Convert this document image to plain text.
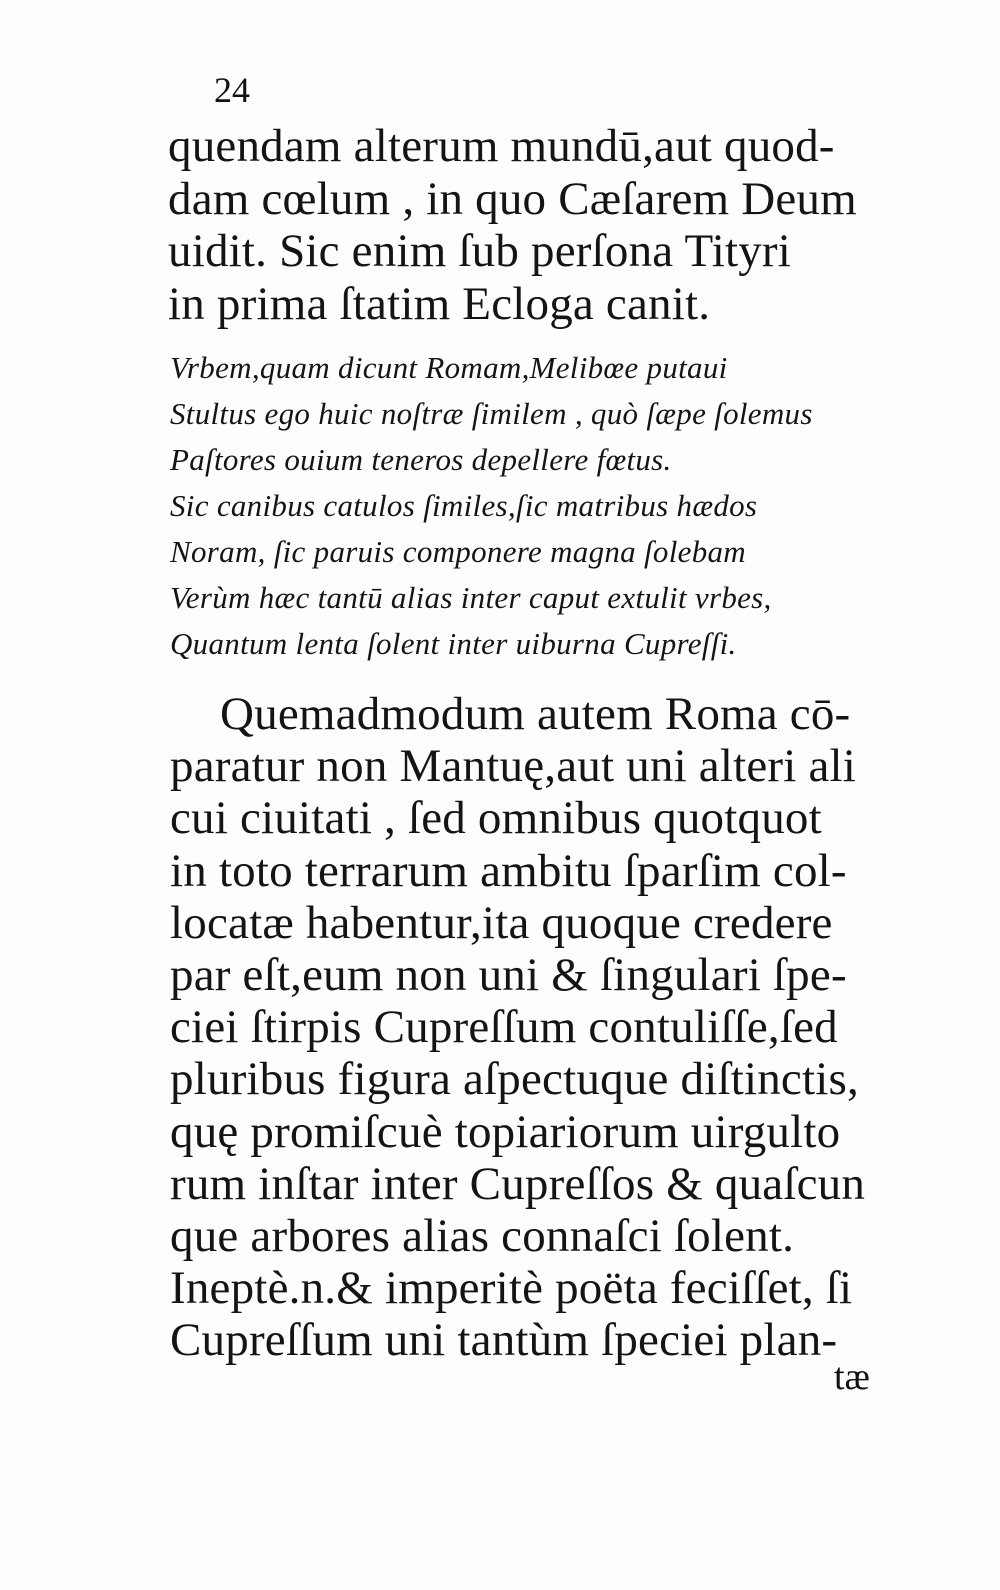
24
quendam alterum mundū,aut quod-
dam cœlum , in quo Cæſarem Deum
uidit. Sic enim ſub perſona Tityri
in prima ſtatim Ecloga canit.
Vrbem,quam dicunt Romam,Melibœe putaui
Stultus ego huic noſtræ ſimilem , quò ſæpe ſolemus
Paſtores ouium teneros depellere fœtus.
Sic canibus catulos ſimiles,ſic matribus hædos
Noram, ſic paruis componere magna ſolebam
Verùm hæc tantū alias inter caput extulit vrbes,
Quantum lenta ſolent inter uiburna Cupreſſi.
Quemadmodum autem Roma cō-
paratur non Mantuę,aut uni alteri ali
cui ciuitati , ſed omnibus quotquot
in toto terrarum ambitu ſparſim col-
locatæ habentur,ita quoque credere
par eſt,eum non uni & ſingulari ſpe-
ciei ſtirpis Cupreſſum contuliſſe,ſed
pluribus figura aſpectuque diſtinctis,
quę promiſcuè topiariorum uirgulto
rum inſtar inter Cupreſſos & quaſcun
que arbores alias connaſci ſolent.
Ineptè.n.& imperitè poëta feciſſet, ſi
Cupreſſum uni tantùm ſpeciei plan-
tæ
